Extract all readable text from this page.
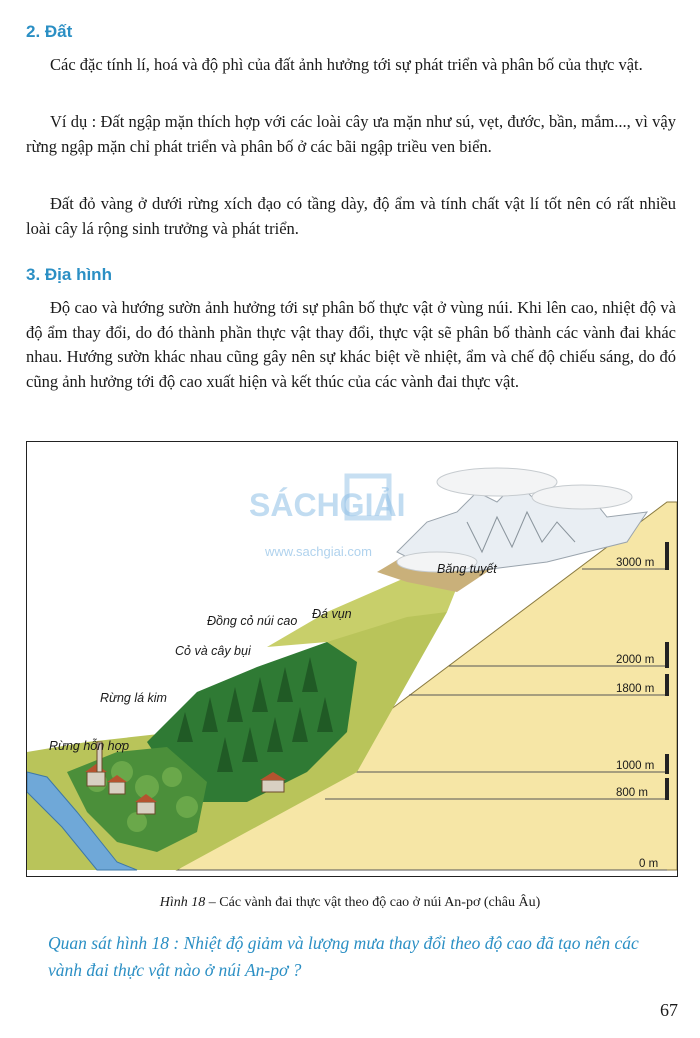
2. Đất

Các đặc tính lí, hoá và độ phì của đất ảnh hưởng tới sự phát triển và phân bố của thực vật.

Ví dụ : Đất ngập mặn thích hợp với các loài cây ưa mặn như sú, vẹt, đước, bần, mắm..., vì vậy rừng ngập mặn chỉ phát triển và phân bố ở các bãi ngập triều ven biển.

Đất đỏ vàng ở dưới rừng xích đạo có tầng dày, độ ẩm và tính chất vật lí tốt nên có rất nhiều loài cây lá rộng sinh trưởng và phát triển.

3. Địa hình

Độ cao và hướng sườn ảnh hưởng tới sự phân bố thực vật ở vùng núi. Khi lên cao, nhiệt độ và độ ẩm thay đổi, do đó thành phần thực vật thay đổi, thực vật sẽ phân bố thành các vành đai khác nhau. Hướng sườn khác nhau cũng gây nên sự khác biệt về nhiệt, ẩm và chế độ chiếu sáng, do đó cũng ảnh hưởng tới độ cao xuất hiện và kết thúc của các vành đai thực vật.

SÁCHGIẢI
www.sachgiai.com
3000 m
2000 m
1800 m
1000 m
800 m
0 m
Băng tuyết
Đá vụn
Đồng cỏ núi cao
Cỏ và cây bụi
Rừng lá kim
Rừng hỗn hợp
Hình 18 – Các vành đai thực vật theo độ cao ở núi An-pơ (châu Âu)

Quan sát hình 18 : Nhiệt độ giảm và lượng mưa thay đổi theo độ cao đã tạo nên các vành đai thực vật nào ở núi An-pơ ?

67
